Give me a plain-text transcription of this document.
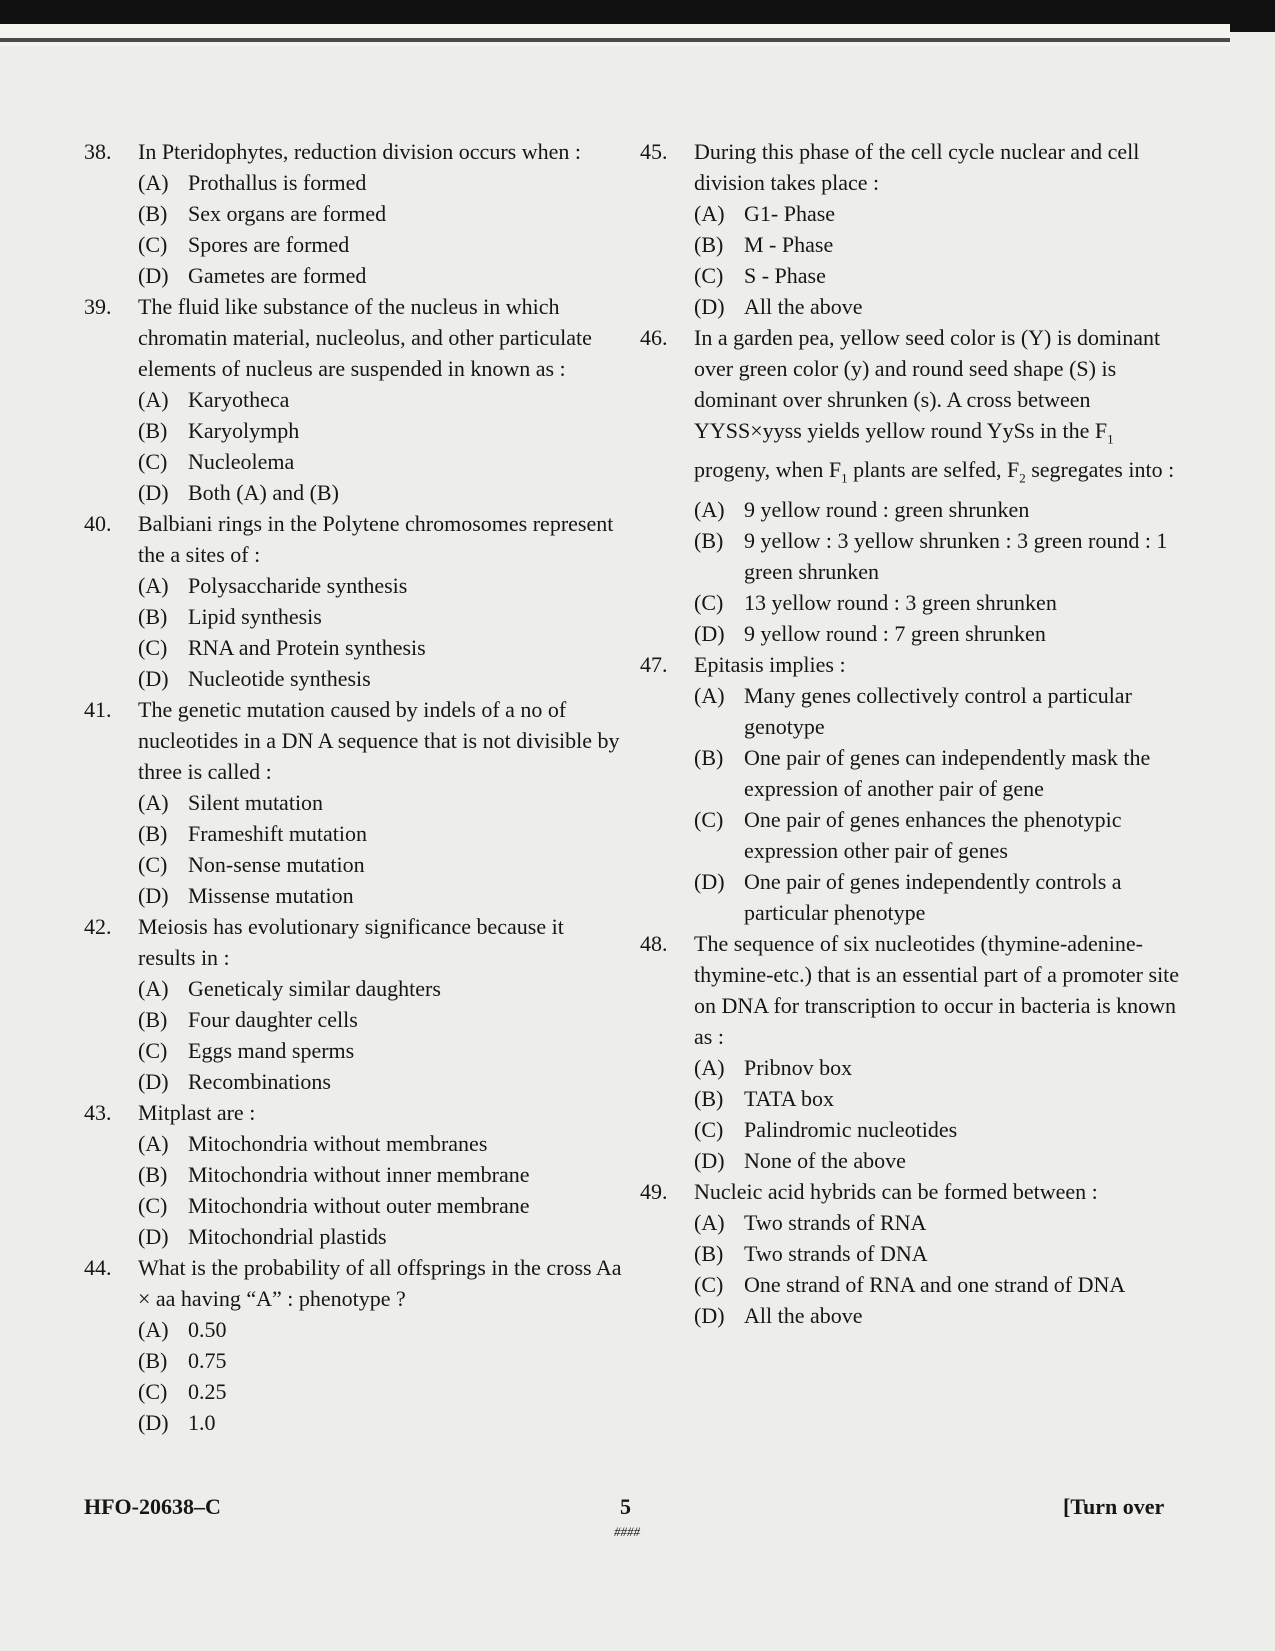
38.	In Pteridophytes, reduction division occurs when :
(A) Prothallus is formed
(B) Sex organs are formed
(C) Spores are formed
(D) Gametes are formed
39.	The fluid like substance of the nucleus in which chromatin material, nucleolus, and other particulate elements of nucleus are suspended in known as :
(A) Karyotheca
(B) Karyolymph
(C) Nucleolema
(D) Both (A) and (B)
40.	Balbiani rings in the Polytene chromosomes represent the a sites of :
(A) Polysaccharide synthesis
(B) Lipid synthesis
(C) RNA and Protein synthesis
(D) Nucleotide synthesis
41.	The genetic mutation caused by indels of a no of nucleotides in a DN A sequence that is not divisible by three is called :
(A) Silent mutation
(B) Frameshift mutation
(C) Non-sense mutation
(D) Missense mutation
42.	Meiosis has evolutionary significance because it results in :
(A) Geneticaly similar daughters
(B) Four daughter cells
(C) Eggs mand sperms
(D) Recombinations
43.	Mitplast are :
(A) Mitochondria without membranes
(B) Mitochondria without inner membrane
(C) Mitochondria without outer membrane
(D) Mitochondrial plastids
44.	What is the probability of all offsprings in the cross Aa × aa having “A” : phenotype ?
(A) 0.50
(B) 0.75
(C) 0.25
(D) 1.0
45.	During this phase of the cell cycle nuclear and cell division takes place :
(A) G1- Phase
(B) M - Phase
(C) S - Phase
(D) All the above
46.	In a garden pea, yellow seed color is (Y) is dominant over green color (y) and round seed shape (S) is dominant over shrunken (s). A cross between YYSS×yyss yields yellow round YySs in the $F_1$ progeny, when $F_1$ plants are selfed, $F_2$ segregates into :
(A) 9 yellow round : green shrunken
(B) 9 yellow : 3 yellow shrunken : 3 green round : 1 green shrunken
(C) 13 yellow round : 3 green shrunken
(D) 9 yellow round : 7 green shrunken
47.	Epitasis implies :
(A) Many genes collectively control a particular genotype
(B) One pair of genes can independently mask the expression of another pair of gene
(C) One pair of genes enhances the phenotypic expression other pair of genes
(D) One pair of genes independently controls a particular phenotype
48.	The sequence of six nucleotides (thymine-adenine-thymine-etc.) that is an essential part of a promoter site on DNA for transcription to occur in bacteria is known as :
(A) Pribnov box
(B) TATA box
(C) Palindromic nucleotides
(D) None of the above
49.	Nucleic acid hybrids can be formed between :
(A) Two strands of RNA
(B) Two strands of DNA
(C) One strand of RNA and one strand of DNA
(D) All the above
HFO-20638–C	5
####
[Turn over
